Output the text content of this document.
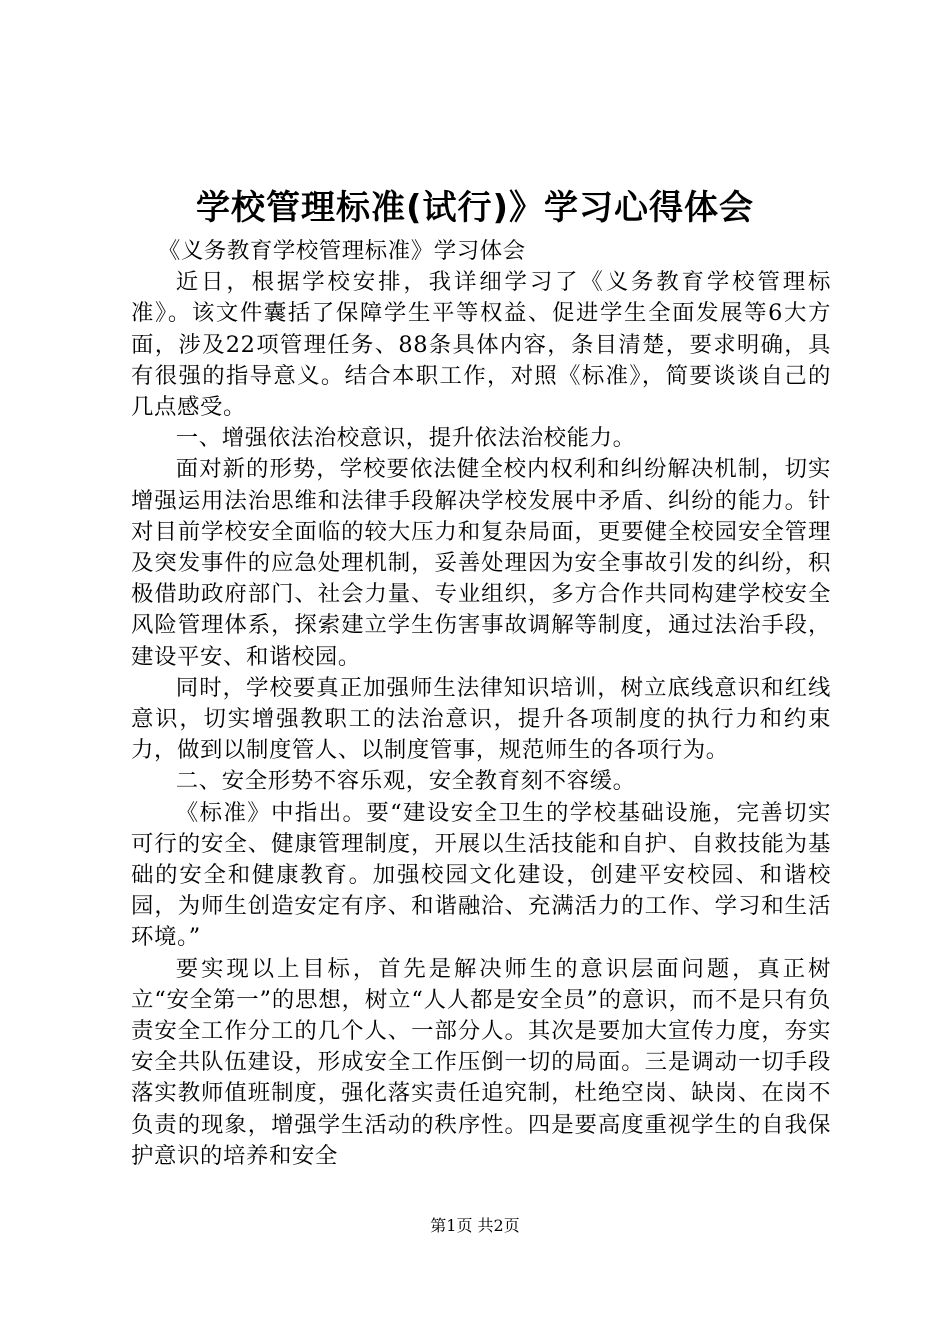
学校管理标准(试行)》学习心得体会

《义务教育学校管理标准》学习体会

近日，根据学校安排，我详细学习了《义务教育学校管理标准》。该文件囊括了保障学生平等权益、促进学生全面发展等6大方面，涉及22项管理任务、88条具体内容，条目清楚，要求明确，具有很强的指导意义。结合本职工作，对照《标准》，简要谈谈自己的几点感受。

一、增强依法治校意识，提升依法治校能力。

面对新的形势，学校要依法健全校内权利和纠纷解决机制，切实增强运用法治思维和法律手段解决学校发展中矛盾、纠纷的能力。针对目前学校安全面临的较大压力和复杂局面，更要健全校园安全管理及突发事件的应急处理机制，妥善处理因为安全事故引发的纠纷，积极借助政府部门、社会力量、专业组织，多方合作共同构建学校安全风险管理体系，探索建立学生伤害事故调解等制度，通过法治手段，建设平安、和谐校园。

同时，学校要真正加强师生法律知识培训，树立底线意识和红线意识，切实增强教职工的法治意识，提升各项制度的执行力和约束力，做到以制度管人、以制度管事，规范师生的各项行为。

二、安全形势不容乐观，安全教育刻不容缓。

《标准》中指出。要“建设安全卫生的学校基础设施，完善切实可行的安全、健康管理制度，开展以生活技能和自护、自救技能为基础的安全和健康教育。加强校园文化建设，创建平安校园、和谐校园，为师生创造安定有序、和谐融洽、充满活力的工作、学习和生活环境。”

要实现以上目标，首先是解决师生的意识层面问题，真正树立“安全第一”的思想，树立“人人都是安全员”的意识，而不是只有负责安全工作分工的几个人、一部分人。其次是要加大宣传力度，夯实安全共队伍建设，形成安全工作压倒一切的局面。三是调动一切手段落实教师值班制度，强化落实责任追究制，杜绝空岗、缺岗、在岗不负责的现象，增强学生活动的秩序性。四是要高度重视学生的自我保护意识的培养和安全

第1页 共2页
